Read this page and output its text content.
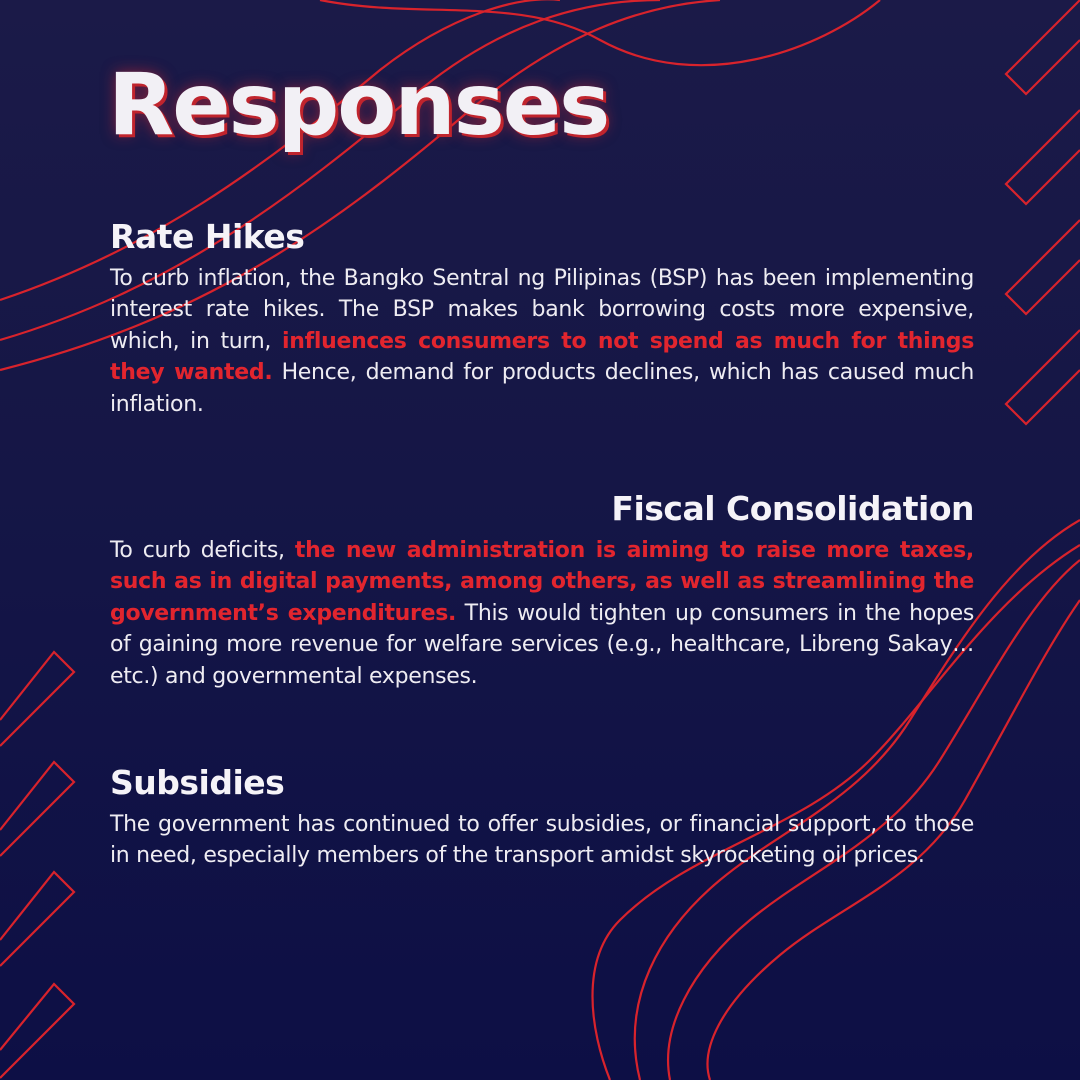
Responses
Rate Hikes

To curb inflation, the Bangko Sentral ng Pilipinas (BSP) has been implementing interest rate hikes. The BSP makes bank borrowing costs more expensive, which, in turn, influences consumers to not spend as much for things they wanted. Hence, demand for products declines, which has caused much inflation.

Fiscal Consolidation

To curb deficits, the new administration is aiming to raise more taxes, such as in digital payments, among others, as well as streamlining the government’s expenditures. This would tighten up consumers in the hopes of gaining more revenue for welfare services (e.g., healthcare, Libreng Sakay…etc.) and governmental expenses.

Subsidies

The government has continued to offer subsidies, or financial support, to those in need, especially members of the transport amidst skyrocketing oil prices.
